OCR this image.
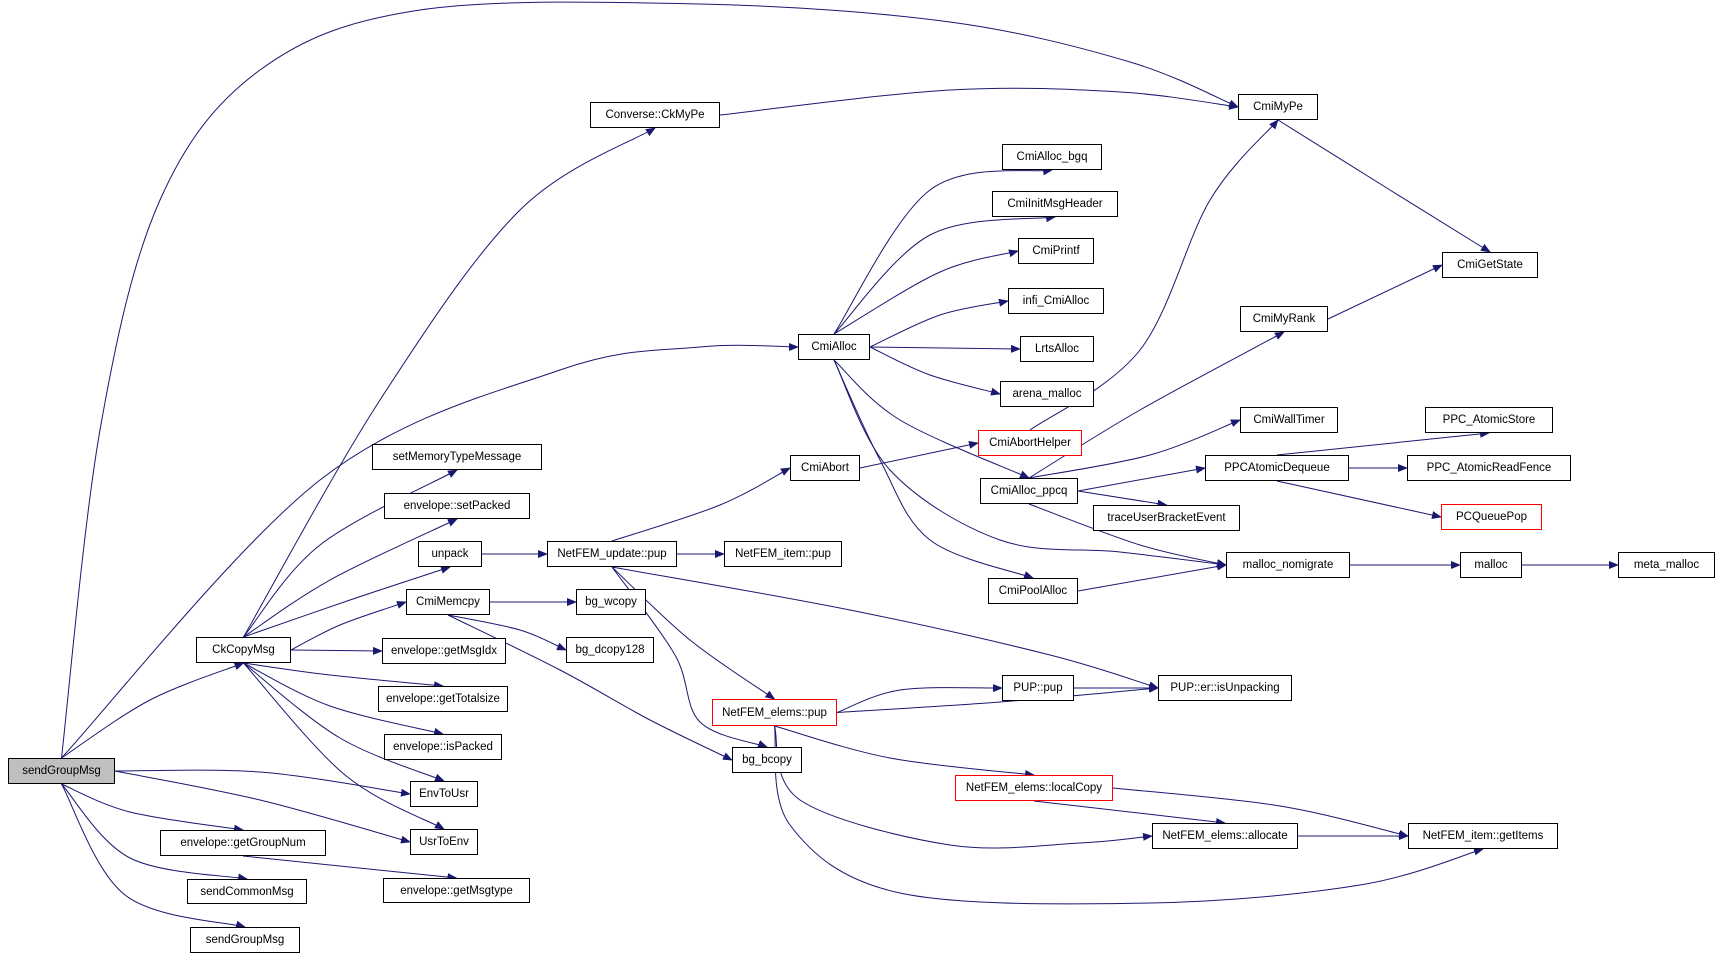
sendGroupMsg
CkCopyMsg
envelope::getGroupNum
sendCommonMsg
sendGroupMsg
setMemoryTypeMessage
envelope::setPacked
unpack
CmiMemcpy
envelope::getMsgIdx
envelope::getTotalsize
envelope::isPacked
EnvToUsr
UsrToEnv
envelope::getMsgtype
Converse::CkMyPe
NetFEM_update::pup
bg_wcopy
bg_dcopy128
NetFEM_item::pup
CmiAbort
CmiAlloc
NetFEM_elems::pup
bg_bcopy
CmiAlloc_bgq
CmiInitMsgHeader
CmiPrintf
infi_CmiAlloc
LrtsAlloc
arena_malloc
CmiAbortHelper
CmiAlloc_ppcq
traceUserBracketEvent
CmiPoolAlloc
malloc_nomigrate	malloc	meta_malloc
PUP::pup	PUP::er::isUnpacking
NetFEM_elems::localCopy
NetFEM_elems::allocate	NetFEM_item::getItems
CmiMyPe
CmiGetState
CmiMyRank
CmiWallTimer
PPCAtomicDequeue
PPC_AtomicStore
PPC_AtomicReadFence
PCQueuePop
